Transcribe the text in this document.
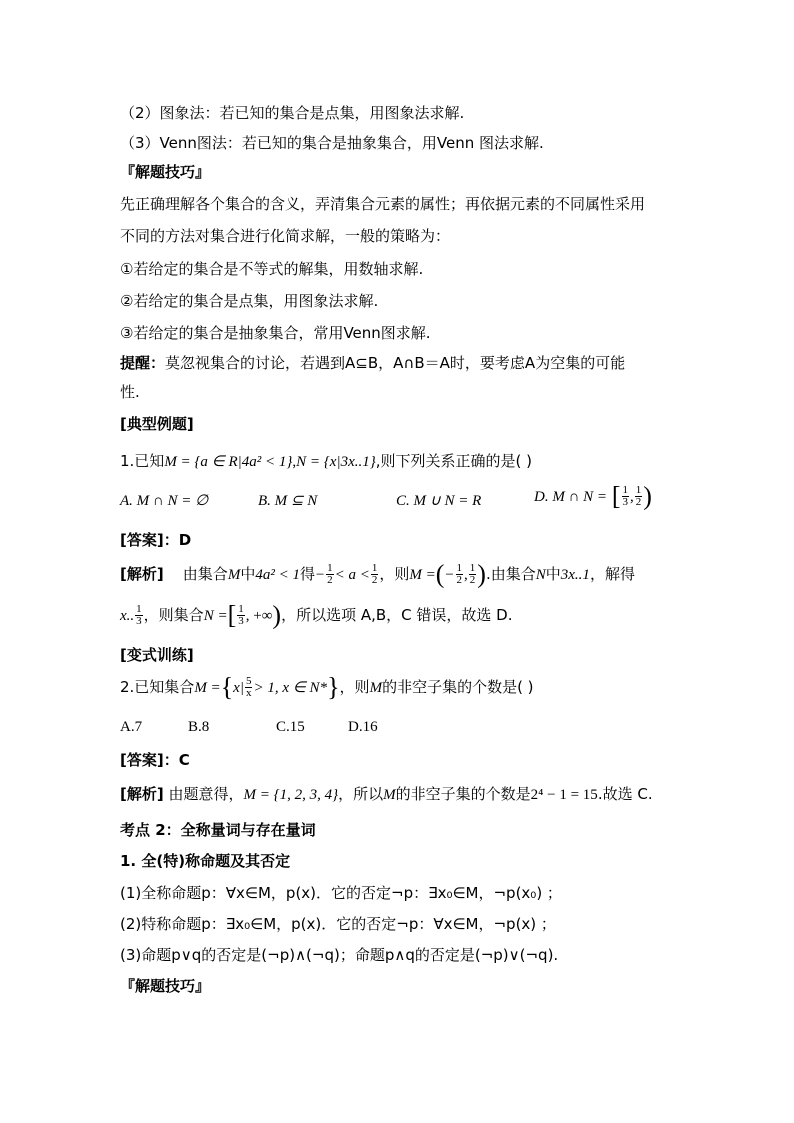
（2）图象法：若已知的集合是点集，用图象法求解.
（3）Venn图法：若已知的集合是抽象集合，用Venn 图法求解.
『解题技巧』
先正确理解各个集合的含义，弄清集合元素的属性；再依据元素的不同属性采用
不同的方法对集合进行化简求解，一般的策略为：
①若给定的集合是不等式的解集，用数轴求解.
②若给定的集合是点集，用图象法求解.
③若给定的集合是抽象集合，常用Venn图求解.
提醒：莫忽视集合的讨论，若遇到A⊆B，A∩B＝A时，要考虑A为空集的可能
性.
[典型例题]
1.已知M = {a ∈ R|4a² < 1},N = {x|3x..1},则下列关系正确的是( )
A. M ∩ N = ∅	B. M ⊆ N	C. M ∪ N = R	D. M ∩ N = [ $\frac{1}{3}$ , $\frac{1}{2}$ )
[答案]：D
[解析] 由集合M中4a² < 1得− $\frac{1}{2} < a < \frac{1}{2}$ ，则M =(− $\frac{1}{2}$ , $\frac{1}{2}$ ).由集合N中3x..1，解得
x.. $\frac{1}{3}$ ，则集合N =[ $\frac{1}{3}$ , +∞)，所以选项 A,B，C 错误，故选 D.
[变式训练]
2.已知集合$M =\{x| \frac{5}{x} > 1$, x ∈ N*}，则M的非空子集的个数是( )
A.7	B.8	C.15	D.16
[答案]：C
[解析] 由题意得，M = {1, 2, 3, 4}，所以M的非空子集的个数是2⁴ − 1 = 15.故选 C.
考点 2：全称量词与存在量词
1. 全(特)称命题及其否定
(1)全称命题p：∀x∈M，p(x)．它的否定¬p：∃x₀∈M，¬p(x₀) ；
(2)特称命题p：∃x₀∈M，p(x)．它的否定¬p：∀x∈M，¬p(x) ；
(3)命题p∨q的否定是(¬p)∧(¬q)；命题p∧q的否定是(¬p)∨(¬q).
『解题技巧』
